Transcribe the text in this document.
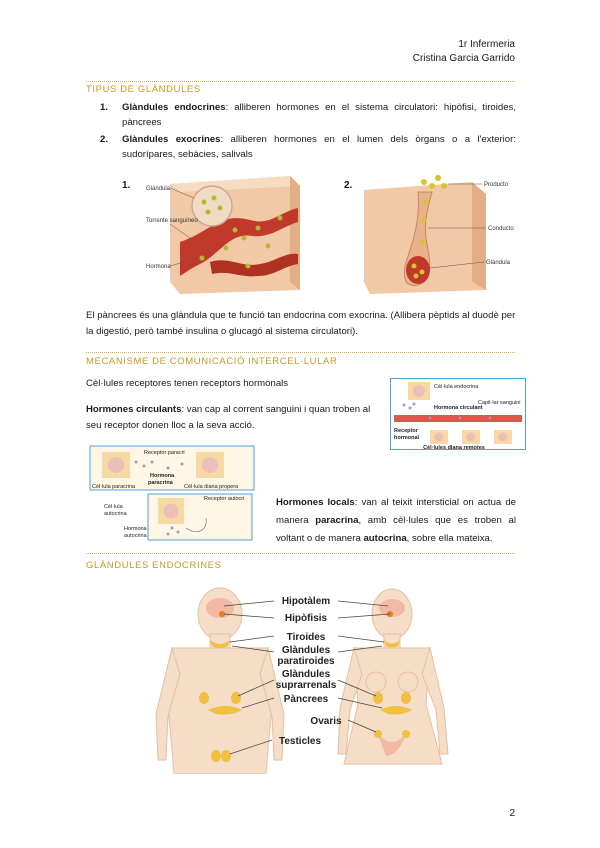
1r Infermeria
Cristina Garcia Garrido
TIPUS DE GLÀNDULES
1. Glàndules endocrines: alliberen hormones en el sistema circulatori: hipòfisi, tiroides, pàncrees
2. Glàndules exocrines: alliberen hormones en el lumen dels òrgans o a l'exterior: sudorípares, sebàcies, salivals
1.	Glándula
Torrente sanguíneo
Hormona
2.	Producto
Conducto
Glándula
El pàncrees és una glàndula que te funció tan endocrina com exocrina. (Allibera pèptids al duodè per la digestió, però també insulina o glucagó al sistema circulatori).
MECANISME DE COMUNICACIÓ INTERCEL·LULAR
Cèl·lules receptores tenen receptors hormonals
Hormones circulants: van cap al corrent sanguini i quan troben al seu receptor donen lloc a la seva acció.
Cèl·lula endocrina
Hormona circulant
Capil·lar sanguini
Receptor
hormonal
Cèl·lules diana remotes
Receptor paracri
Hormona
paracrina
Cèl·lula paracrina	Cèl·lula diana propera
Cèl·lula
autocrina
Receptor autocri
Hormona
autocrina
Hormones locals: van al teixit intersticial on actua de manera paracrina, amb cèl·lules que es troben al voltant o de manera autocrina, sobre ella mateixa.
GLÀNDULES ENDOCRINES
Hipotàlem
Hipòfisis
Tiroides
Glàndules
paratiroides
Glàndules
suprarrenals
Pàncrees
Ovaris
Testicles
2
